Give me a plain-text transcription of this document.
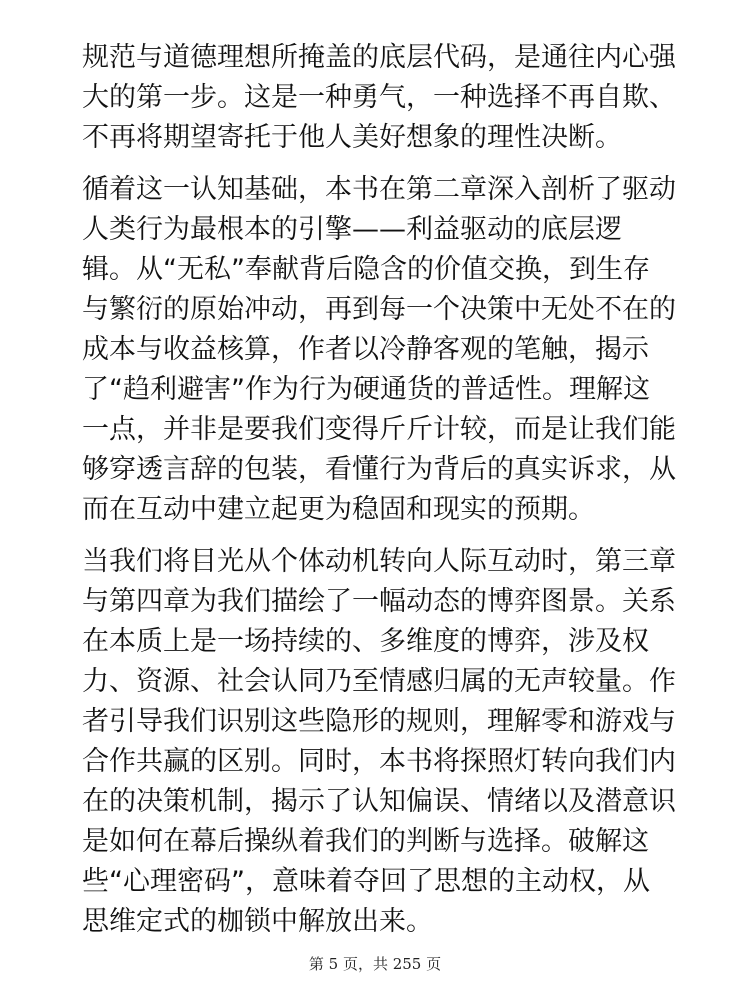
规范与道德理想所掩盖的底层代码，是通往内心强
大的第一步。这是一种勇气，一种选择不再自欺、
不再将期望寄托于他人美好想象的理性决断。
循着这一认知基础，本书在第二章深入剖析了驱动
人类行为最根本的引擎——利益驱动的底层逻
辑。从“无私”奉献背后隐含的价值交换，到生存
与繁衍的原始冲动，再到每一个决策中无处不在的
成本与收益核算，作者以冷静客观的笔触，揭示
了“趋利避害”作为行为硬通货的普适性。理解这
一点，并非是要我们变得斤斤计较，而是让我们能
够穿透言辞的包装，看懂行为背后的真实诉求，从
而在互动中建立起更为稳固和现实的预期。
当我们将目光从个体动机转向人际互动时，第三章
与第四章为我们描绘了一幅动态的博弈图景。关系
在本质上是一场持续的、多维度的博弈，涉及权
力、资源、社会认同乃至情感归属的无声较量。作
者引导我们识别这些隐形的规则，理解零和游戏与
合作共赢的区别。同时，本书将探照灯转向我们内
在的决策机制，揭示了认知偏误、情绪以及潜意识
是如何在幕后操纵着我们的判断与选择。破解这
些“心理密码”，意味着夺回了思想的主动权，从
思维定式的枷锁中解放出来。
第 5 页，共 255 页
